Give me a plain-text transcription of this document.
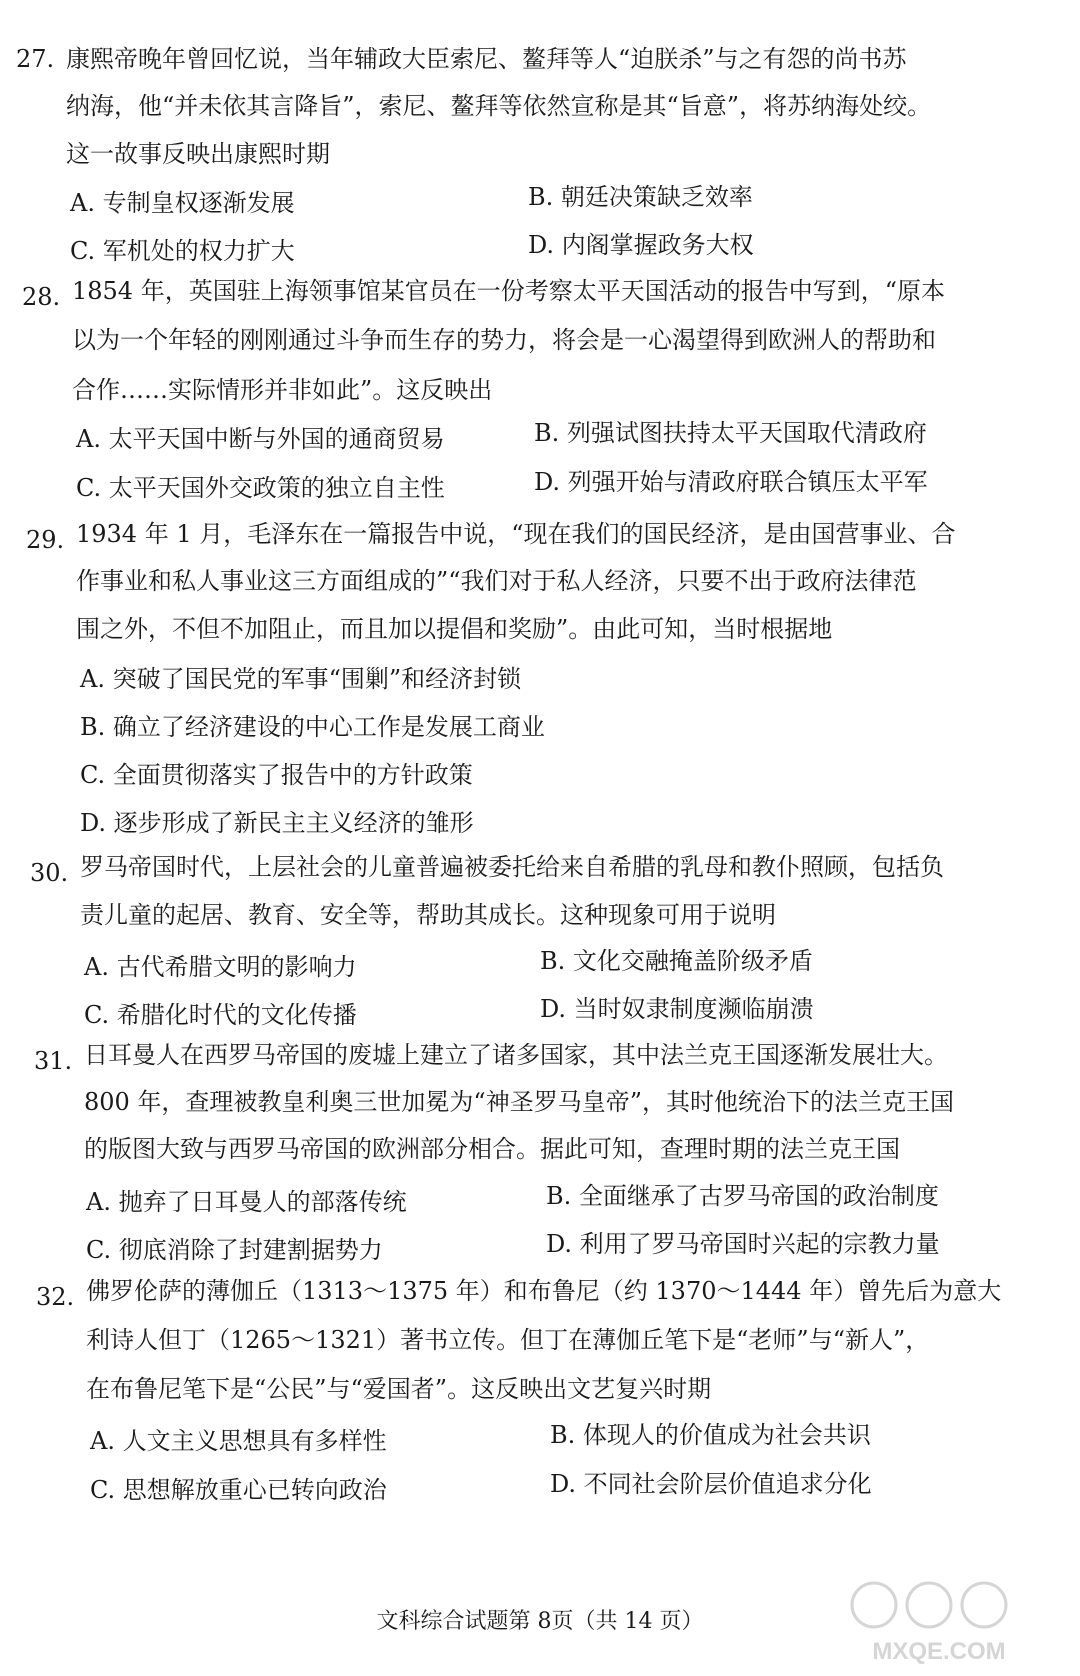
27. 康熙帝晚年曾回忆说，当年辅政大臣索尼、鳌拜等人“迫朕杀”与之有怨的尚书苏
纳海，他“并未依其言降旨”，索尼、鳌拜等依然宣称是其“旨意”，将苏纳海处绞。
这一故事反映出康熙时期
A. 专制皇权逐渐发展	B. 朝廷决策缺乏效率
C. 军机处的权力扩大	D. 内阁掌握政务大权
28. 1854 年，英国驻上海领事馆某官员在一份考察太平天国活动的报告中写到，“原本
以为一个年轻的刚刚通过斗争而生存的势力，将会是一心渴望得到欧洲人的帮助和
合作……实际情形并非如此”。这反映出
A. 太平天国中断与外国的通商贸易	B. 列强试图扶持太平天国取代清政府
C. 太平天国外交政策的独立自主性	D. 列强开始与清政府联合镇压太平军
29. 1934 年 1 月，毛泽东在一篇报告中说，“现在我们的国民经济，是由国营事业、合
作事业和私人事业这三方面组成的”“我们对于私人经济，只要不出于政府法律范
围之外，不但不加阻止，而且加以提倡和奖励”。由此可知，当时根据地
A. 突破了国民党的军事“围剿”和经济封锁
B. 确立了经济建设的中心工作是发展工商业
C. 全面贯彻落实了报告中的方针政策
D. 逐步形成了新民主主义经济的雏形
30. 罗马帝国时代，上层社会的儿童普遍被委托给来自希腊的乳母和教仆照顾，包括负
责儿童的起居、教育、安全等，帮助其成长。这种现象可用于说明
A. 古代希腊文明的影响力	B. 文化交融掩盖阶级矛盾
C. 希腊化时代的文化传播	D. 当时奴隶制度濒临崩溃
31. 日耳曼人在西罗马帝国的废墟上建立了诸多国家，其中法兰克王国逐渐发展壮大。
800 年，查理被教皇利奥三世加冕为“神圣罗马皇帝”，其时他统治下的法兰克王国
的版图大致与西罗马帝国的欧洲部分相合。据此可知，查理时期的法兰克王国
A. 抛弃了日耳曼人的部落传统	B. 全面继承了古罗马帝国的政治制度
C. 彻底消除了封建割据势力	D. 利用了罗马帝国时兴起的宗教力量
32. 佛罗伦萨的薄伽丘（1313～1375 年）和布鲁尼（约 1370～1444 年）曾先后为意大
利诗人但丁（1265～1321）著书立传。但丁在薄伽丘笔下是“老师”与“新人”，
在布鲁尼笔下是“公民”与“爱国者”。这反映出文艺复兴时期
A. 人文主义思想具有多样性	B. 体现人的价值成为社会共识
C. 思想解放重心已转向政治	D. 不同社会阶层价值追求分化
文科综合试题第 8页（共 14 页）
MXQE.COM
